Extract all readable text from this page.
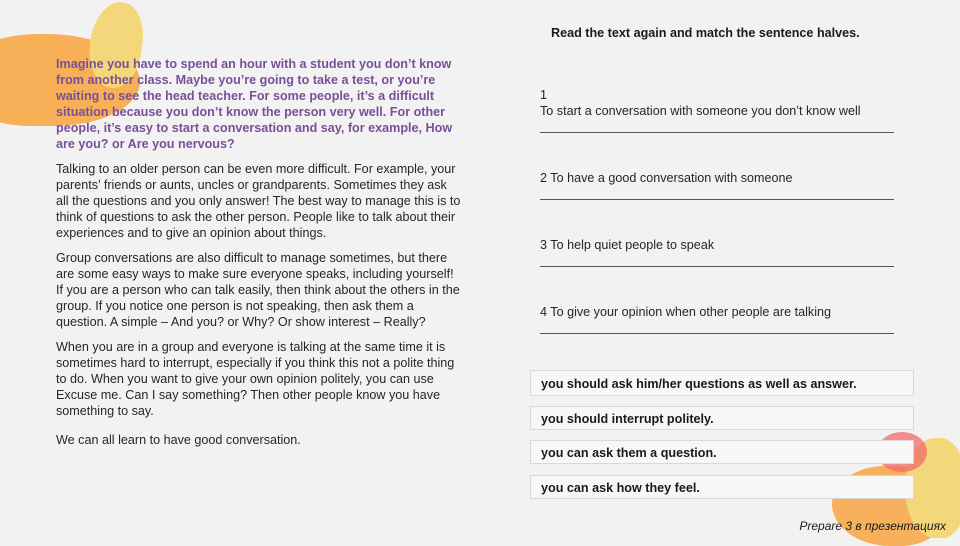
Imagine you have to spend an hour with a student you don’t know from another class. Maybe you’re going to take a test, or you’re waiting to see the head teacher. For some people, it’s a difficult situation because you don’t know the person very well. For other people, it’s easy to start a conversation and say, for example, How are you? or Are you nervous?

Talking to an older person can be even more difficult. For example, your parents’ friends or aunts, uncles or grandparents. Sometimes they ask all the questions and you only answer! The best way to manage this is to think of questions to ask the other person. People like to talk about their experiences and to give an opinion about things.

Group conversations are also difficult to manage sometimes, but there are some easy ways to make sure everyone speaks, including yourself! If you are a person who can talk easily, then think about the others in the group. If you notice one person is not speaking, then ask them a question. A simple – And you? or Why? Or show interest – Really?

When you are in a group and everyone is talking at the same time it is sometimes hard to interrupt, especially if you think this not a polite thing to do. When you want to give your own opinion politely, you can use Excuse me. Can I say something? Then other people know you have something to say.

We can all learn to have good conversation.

Read the text again and match the sentence halves.
1
To start a conversation with someone you don’t know well
2 To have a good conversation with someone
3 To help quiet people to speak
4 To give your opinion when other people are talking
you should ask him/her questions as well as answer.
you should interrupt politely.
you can ask them a question.
you can ask how they feel.
Prepare 3 в презентациях
